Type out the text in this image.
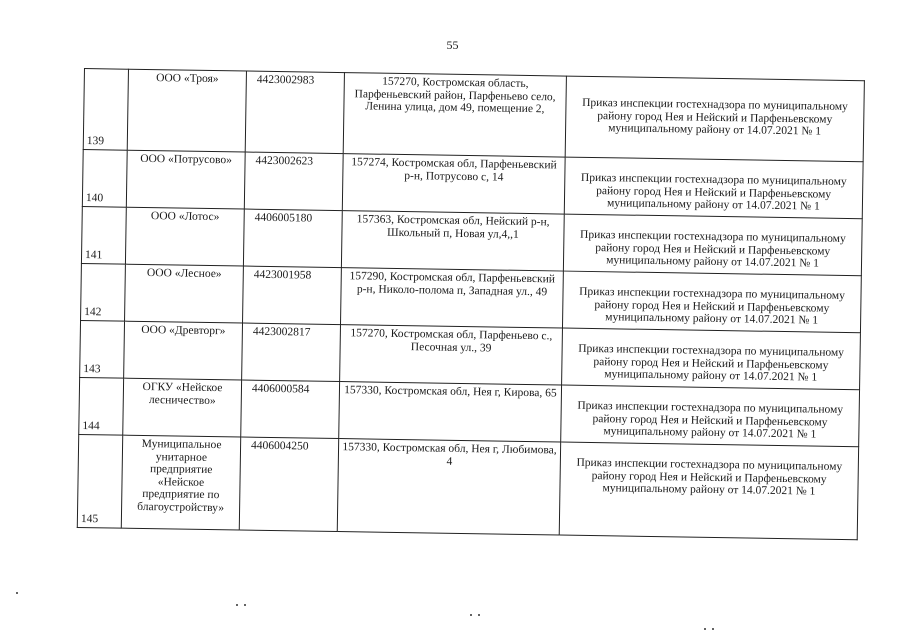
55
139	ООО «Троя»	4423002983	157270, Костромская область, Парфеньевский район, Парфеньево село, Ленина улица, дом 49, помещение 2,	Приказ инспекции гостехнадзора по муниципальному району город Нея и Нейский и Парфеньевскому муниципальному району от 14.07.2021 № 1
140	ООО «Потрусово»	4423002623	157274, Костромская обл, Парфеньевский р-н, Потрусово с, 14	Приказ инспекции гостехнадзора по муниципальному району город Нея и Нейский и Парфеньевскому муниципальному району от 14.07.2021 № 1
141	ООО «Лотос»	4406005180	157363, Костромская обл, Нейский р-н, Школьный п, Новая ул,4,,1	Приказ инспекции гостехнадзора по муниципальному району город Нея и Нейский и Парфеньевскому муниципальному району от 14.07.2021 № 1
142	ООО «Лесное»	4423001958	157290, Костромская обл, Парфеньевский р-н, Николо-полома п, Западная ул., 49	Приказ инспекции гостехнадзора по муниципальному району город Нея и Нейский и Парфеньевскому муниципальному району от 14.07.2021 № 1
143	ООО «Древторг»	4423002817	157270, Костромская обл, Парфеньево с., Песочная ул., 39	Приказ инспекции гостехнадзора по муниципальному району город Нея и Нейский и Парфеньевскому муниципальному району от 14.07.2021 № 1
144	ОГКУ «Нейское лесничество»	4406000584	157330, Костромская обл, Нея г, Кирова, 65	Приказ инспекции гостехнадзора по муниципальному району город Нея и Нейский и Парфеньевскому муниципальному району от 14.07.2021 № 1
145	Муниципальное унитарное предприятие «Нейское предприятие по благоустройству»	4406004250	157330, Костромская обл, Нея г, Любимова, 4	Приказ инспекции гостехнадзора по муниципальному району город Нея и Нейский и Парфеньевскому муниципальному району от 14.07.2021 № 1
